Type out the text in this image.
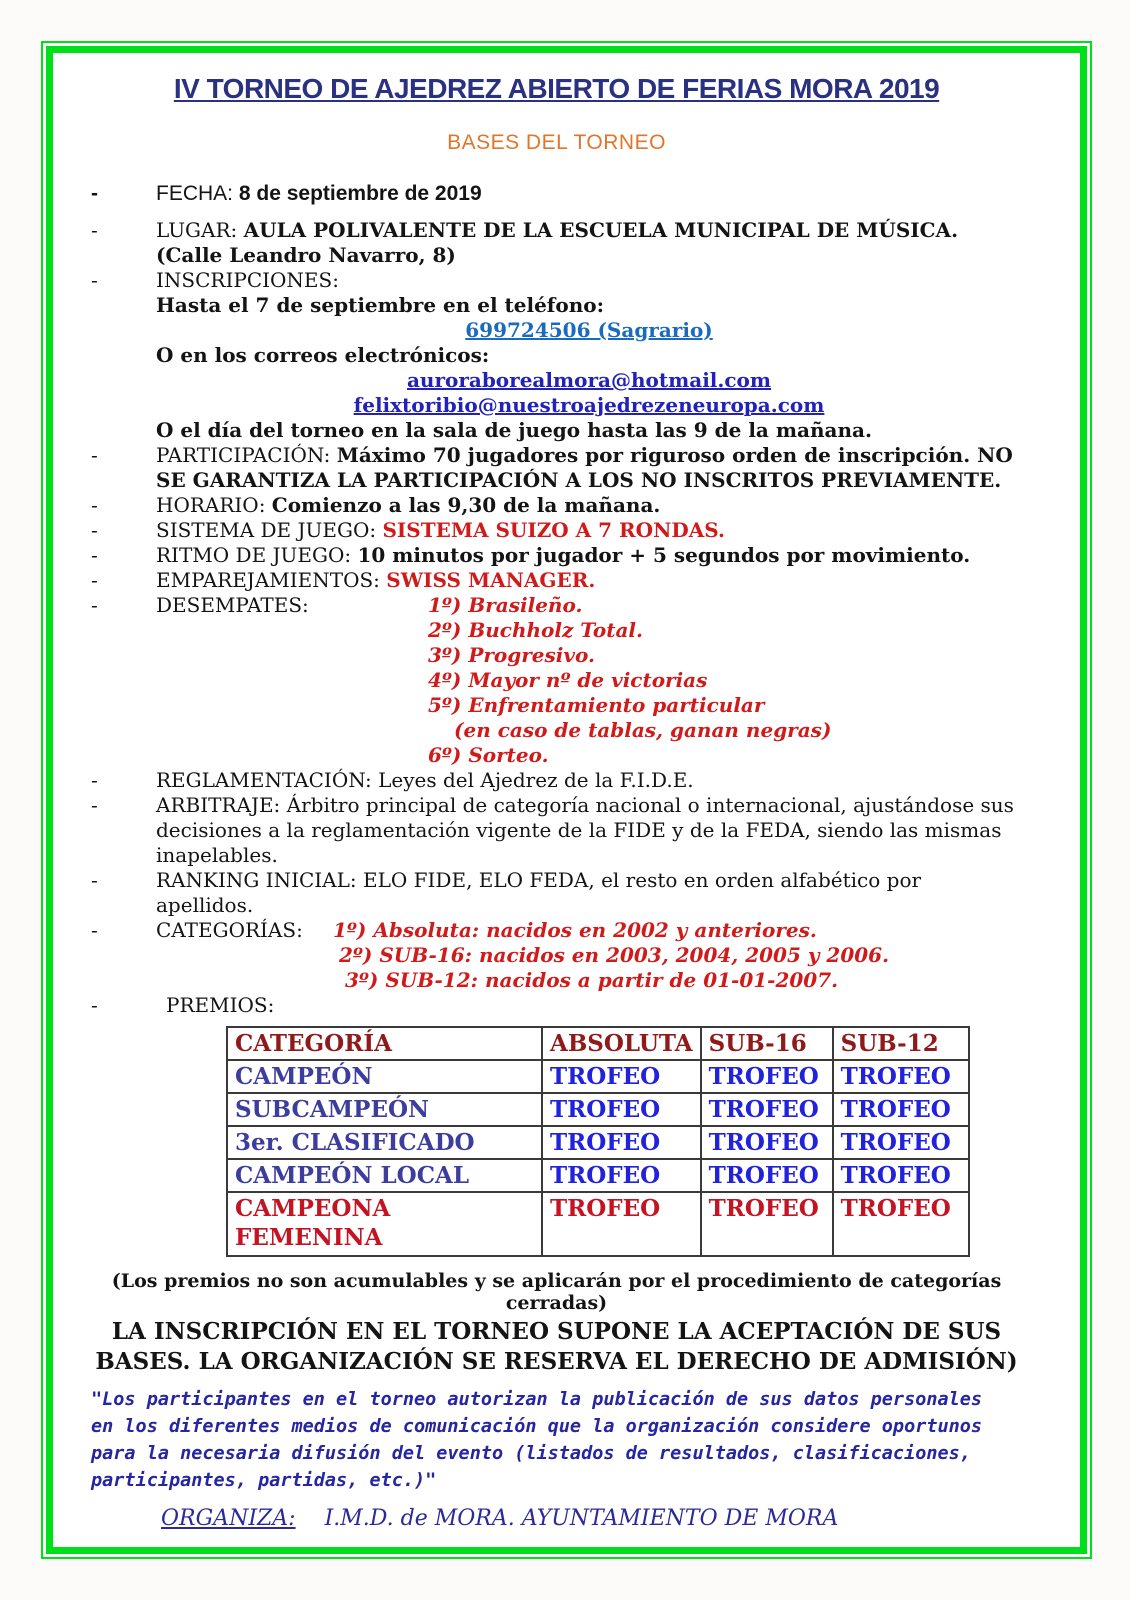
IV TORNEO DE AJEDREZ ABIERTO DE FERIAS MORA 2019
BASES DEL TORNEO
-	FECHA: 8 de septiembre de 2019
-	LUGAR: AULA POLIVALENTE DE LA ESCUELA MUNICIPAL DE MÚSICA.
(Calle Leandro Navarro, 8)
-	INSCRIPCIONES:
Hasta el 7 de septiembre en el teléfono:
699724506 (Sagrario)
O en los correos electrónicos:
auroraborealmora@hotmail.com
felixtoribio@nuestroajedrezeneuropa.com
O el día del torneo en la sala de juego hasta las 9 de la mañana.
-	PARTICIPACIÓN: Máximo 70 jugadores por riguroso orden de inscripción. NO SE GARANTIZA LA PARTICIPACIÓN A LOS NO INSCRITOS PREVIAMENTE.
-	HORARIO: Comienzo a las 9,30 de la mañana.
-	SISTEMA DE JUEGO: SISTEMA SUIZO A 7 RONDAS.
-	RITMO DE JUEGO: 10 minutos por jugador + 5 segundos por movimiento.
-	EMPAREJAMIENTOS: SWISS MANAGER.
-	DESEMPATES:	1º) Brasileño.
2º) Buchholz Total.
3º) Progresivo.
4º) Mayor nº de victorias
5º) Enfrentamiento particular
(en caso de tablas, ganan negras)
6º) Sorteo.
-	REGLAMENTACIÓN: Leyes del Ajedrez de la F.I.D.E.
-	ARBITRAJE: Árbitro principal de categoría nacional o internacional, ajustándose sus decisiones a la reglamentación vigente de la FIDE y de la FEDA, siendo las mismas inapelables.
-	RANKING INICIAL: ELO FIDE, ELO FEDA, el resto en orden alfabético por apellidos.
-	CATEGORÍAS:	1º) Absoluta: nacidos en 2002 y anteriores.
2º) SUB-16: nacidos en 2003, 2004, 2005 y 2006.
3º) SUB-12: nacidos a partir de 01-01-2007.
-	PREMIOS:
CATEGORÍA	ABSOLUTA	SUB-16	SUB-12
CAMPEÓN	TROFEO	TROFEO	TROFEO
SUBCAMPEÓN	TROFEO	TROFEO	TROFEO
3er. CLASIFICADO	TROFEO	TROFEO	TROFEO
CAMPEÓN LOCAL	TROFEO	TROFEO	TROFEO
CAMPEONA FEMENINA	TROFEO	TROFEO	TROFEO
(Los premios no son acumulables y se aplicarán por el procedimiento de categorías cerradas)
LA INSCRIPCIÓN EN EL TORNEO SUPONE LA ACEPTACIÓN DE SUS
BASES. LA ORGANIZACIÓN SE RESERVA EL DERECHO DE ADMISIÓN)
"Los participantes en el torneo autorizan la publicación de sus datos personales
en los diferentes medios de comunicación que la organización considere oportunos
para la necesaria difusión del evento (listados de resultados, clasificaciones,
participantes, partidas, etc.)"
ORGANIZA: I.M.D. de MORA. AYUNTAMIENTO DE MORA
